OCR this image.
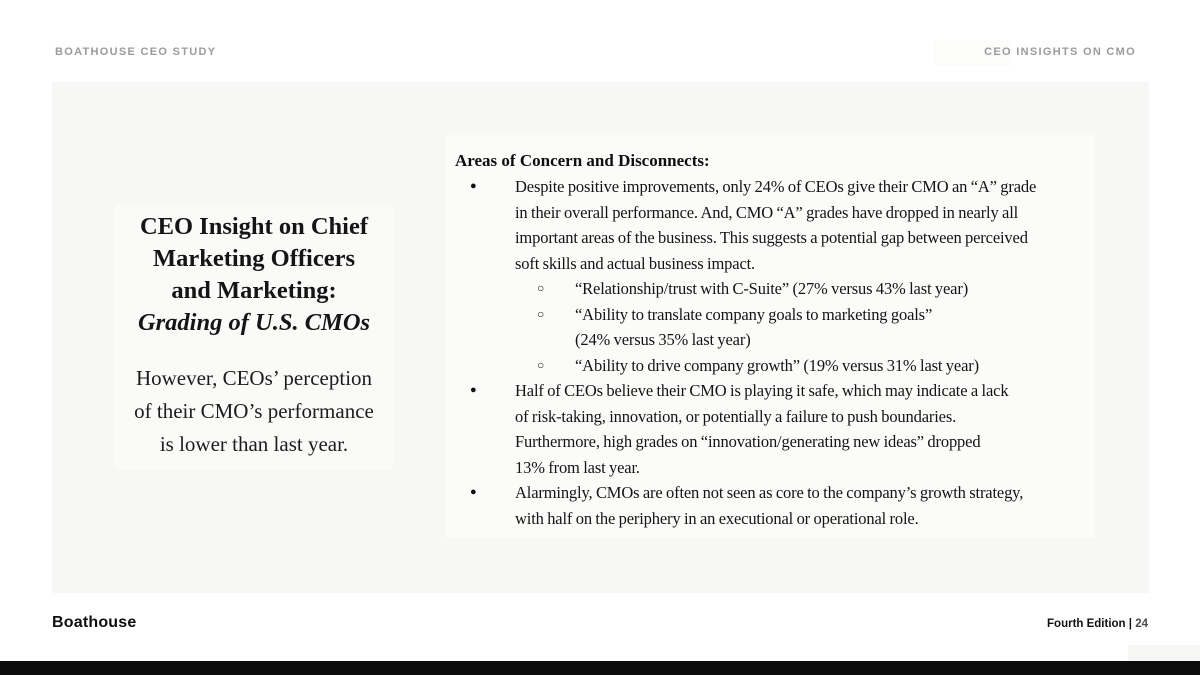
BOATHOUSE CEO STUDY	CEO INSIGHTS ON CMO
CEO Insight on Chief
Marketing Officers
and Marketing:
Grading of U.S. CMOs
However, CEOs’ perception
of their CMO’s performance
is lower than last year.
Areas of Concern and Disconnects:
●	Despite positive improvements, only 24% of CEOs give their CMO an “A” grade
in their overall performance. And, CMO “A” grades have dropped in nearly all
important areas of the business. This suggests a potential gap between perceived
soft skills and actual business impact.
○	“Relationship/trust with C-Suite” (27% versus 43% last year)
○	“Ability to translate company goals to marketing goals”
(24% versus 35% last year)
○	“Ability to drive company growth” (19% versus 31% last year)
●	Half of CEOs believe their CMO is playing it safe, which may indicate a lack
of risk-taking, innovation, or potentially a failure to push boundaries.
Furthermore, high grades on “innovation/generating new ideas” dropped
13% from last year.
●	Alarmingly, CMOs are often not seen as core to the company’s growth strategy,
with half on the periphery in an executional or operational role.
Boathouse	Fourth Edition | 24
